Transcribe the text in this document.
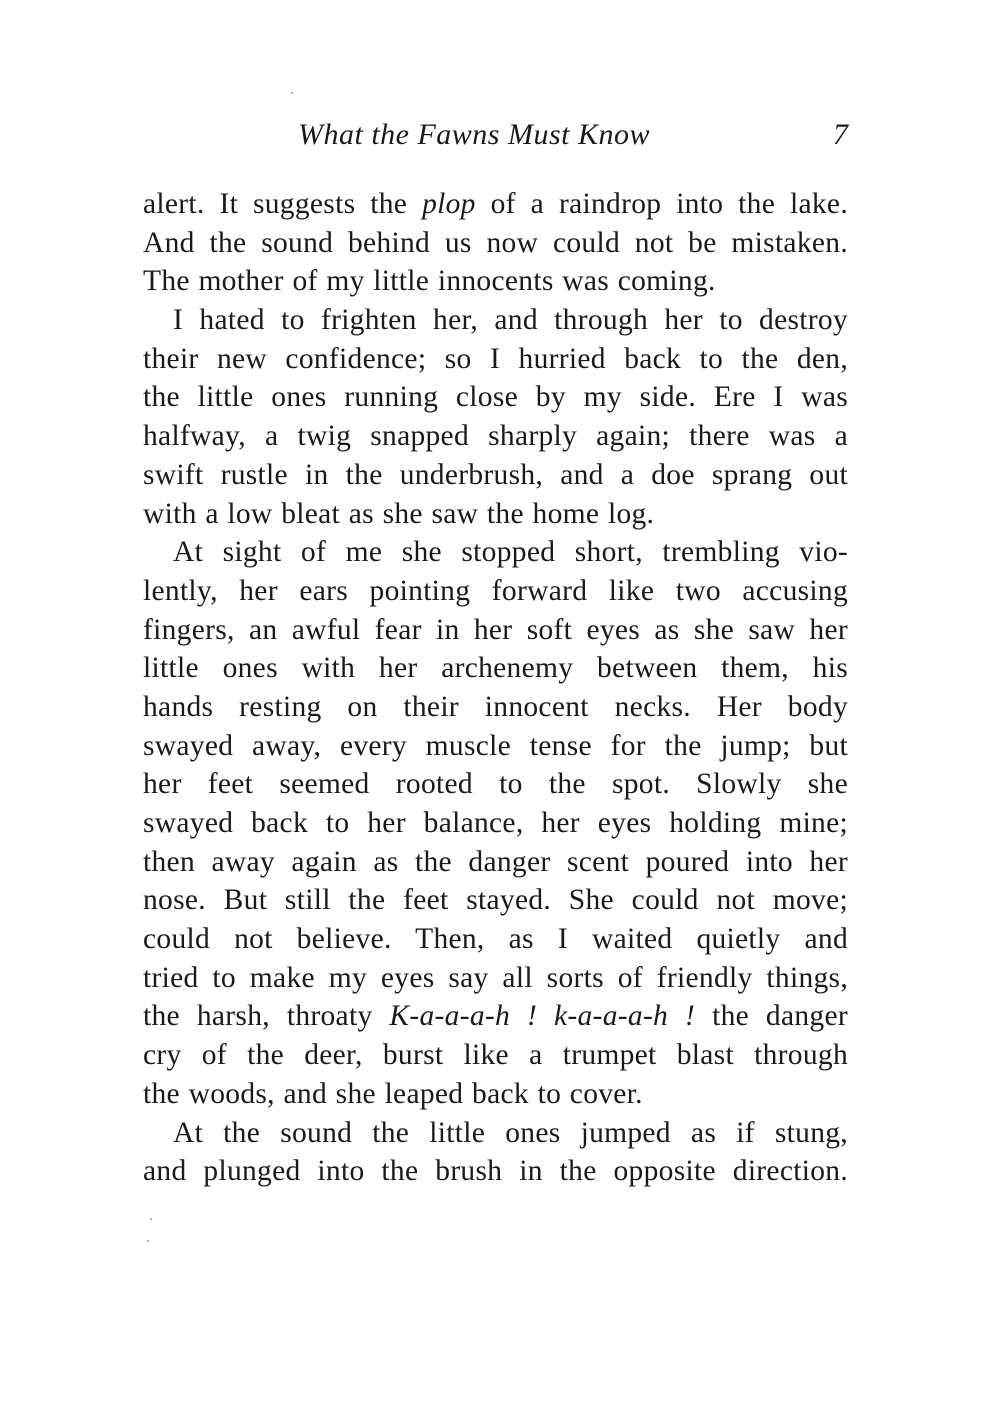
What the Fawns Must Know	7
alert. It suggests the plop of a raindrop into the lake.
And the sound behind us now could not be mistaken.
The mother of my little innocents was coming.
I hated to frighten her, and through her to destroy
their new confidence; so I hurried back to the den,
the little ones running close by my side. Ere I was
halfway, a twig snapped sharply again; there was a
swift rustle in the underbrush, and a doe sprang out
with a low bleat as she saw the home log.
At sight of me she stopped short, trembling vio-
lently, her ears pointing forward like two accusing
fingers, an awful fear in her soft eyes as she saw her
little ones with her archenemy between them, his
hands resting on their innocent necks. Her body
swayed away, every muscle tense for the jump; but
her feet seemed rooted to the spot. Slowly she
swayed back to her balance, her eyes holding mine;
then away again as the danger scent poured into her
nose. But still the feet stayed. She could not move;
could not believe. Then, as I waited quietly and
tried to make my eyes say all sorts of friendly things,
the harsh, throaty K-a-a-a-h ! k-a-a-a-h ! the danger
cry of the deer, burst like a trumpet blast through
the woods, and she leaped back to cover.
At the sound the little ones jumped as if stung,
and plunged into the brush in the opposite direction.
